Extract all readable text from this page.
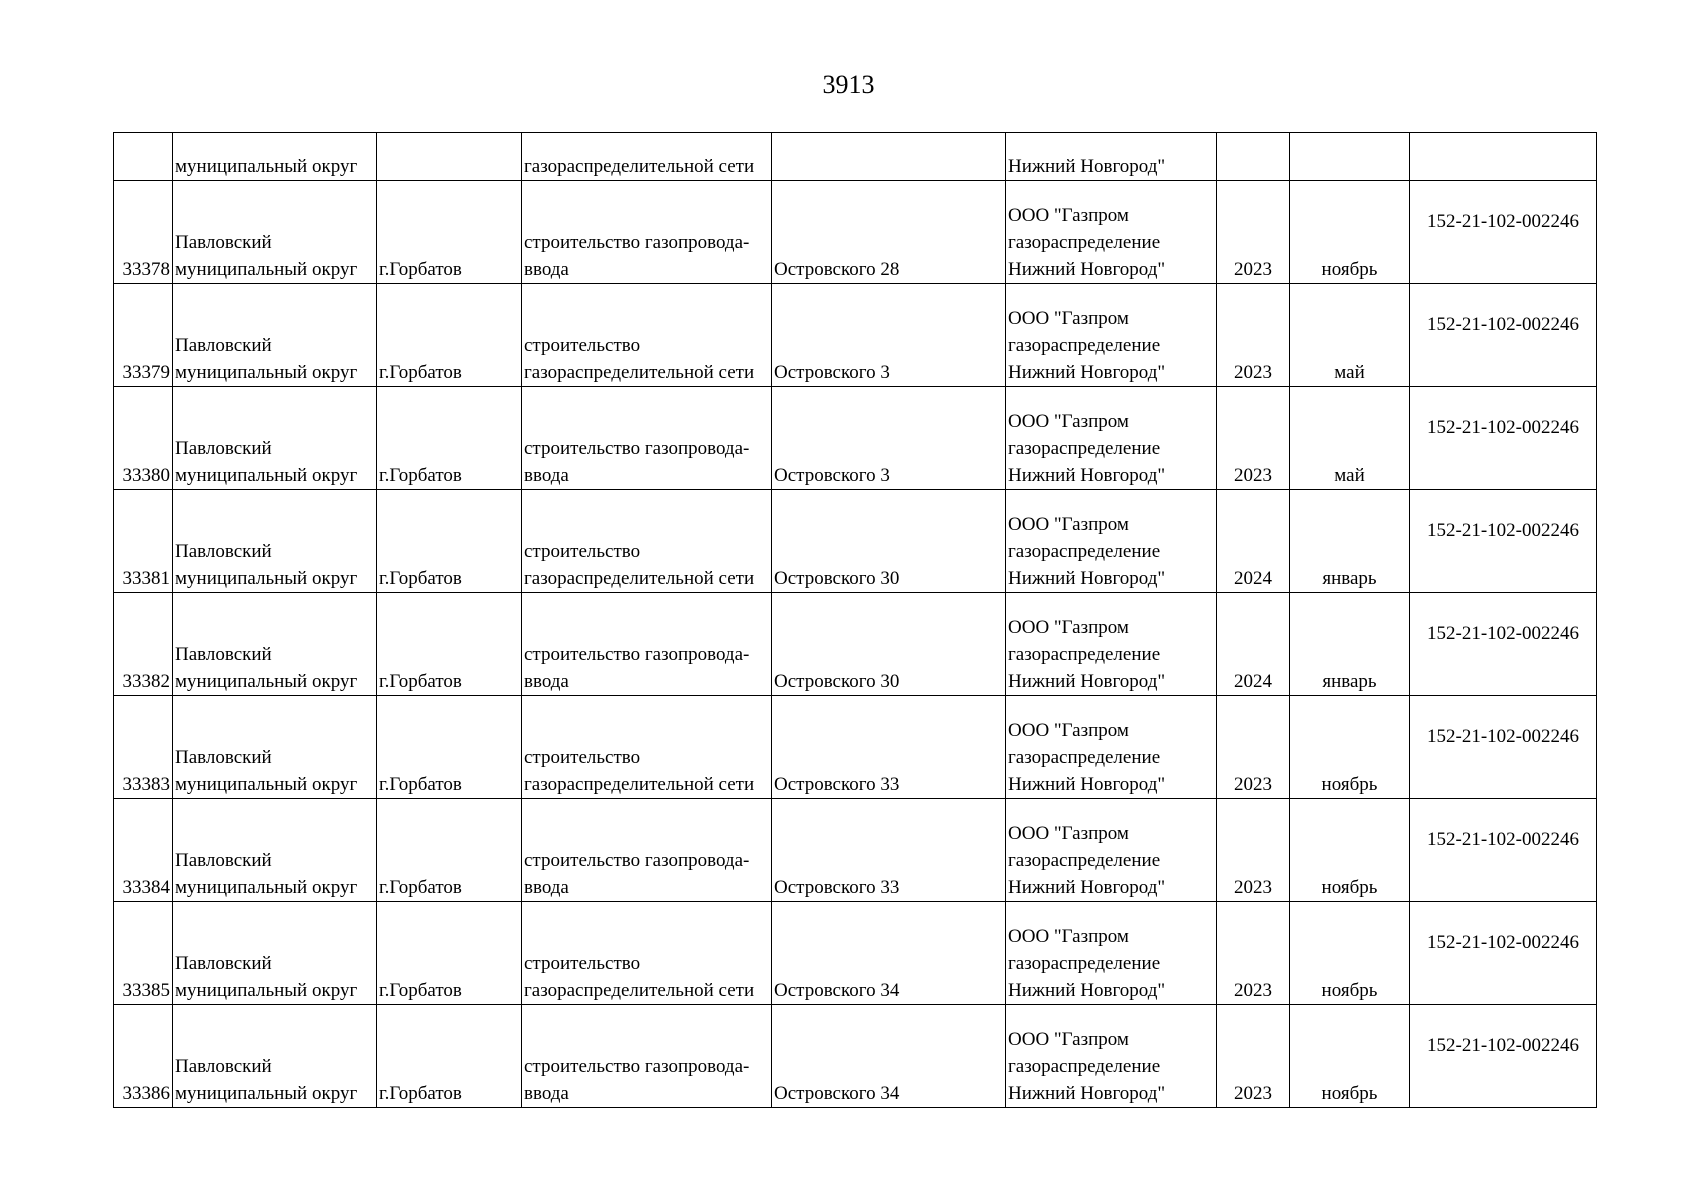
3913
	муниципальный округ		газораспределительной сети		Нижний Новгород"			
33378	Павловский
муниципальный округ	г.Горбатов	строительство газопровода-
ввода	Островского 28	ООО "Газпром
газораспределение
Нижний Новгород"	2023	ноябрь	152-21-102-002246
33379	Павловский
муниципальный округ	г.Горбатов	строительство
газораспределительной сети	Островского 3	ООО "Газпром
газораспределение
Нижний Новгород"	2023	май	152-21-102-002246
33380	Павловский
муниципальный округ	г.Горбатов	строительство газопровода-
ввода	Островского 3	ООО "Газпром
газораспределение
Нижний Новгород"	2023	май	152-21-102-002246
33381	Павловский
муниципальный округ	г.Горбатов	строительство
газораспределительной сети	Островского 30	ООО "Газпром
газораспределение
Нижний Новгород"	2024	январь	152-21-102-002246
33382	Павловский
муниципальный округ	г.Горбатов	строительство газопровода-
ввода	Островского 30	ООО "Газпром
газораспределение
Нижний Новгород"	2024	январь	152-21-102-002246
33383	Павловский
муниципальный округ	г.Горбатов	строительство
газораспределительной сети	Островского 33	ООО "Газпром
газораспределение
Нижний Новгород"	2023	ноябрь	152-21-102-002246
33384	Павловский
муниципальный округ	г.Горбатов	строительство газопровода-
ввода	Островского 33	ООО "Газпром
газораспределение
Нижний Новгород"	2023	ноябрь	152-21-102-002246
33385	Павловский
муниципальный округ	г.Горбатов	строительство
газораспределительной сети	Островского 34	ООО "Газпром
газораспределение
Нижний Новгород"	2023	ноябрь	152-21-102-002246
33386	Павловский
муниципальный округ	г.Горбатов	строительство газопровода-
ввода	Островского 34	ООО "Газпром
газораспределение
Нижний Новгород"	2023	ноябрь	152-21-102-002246
